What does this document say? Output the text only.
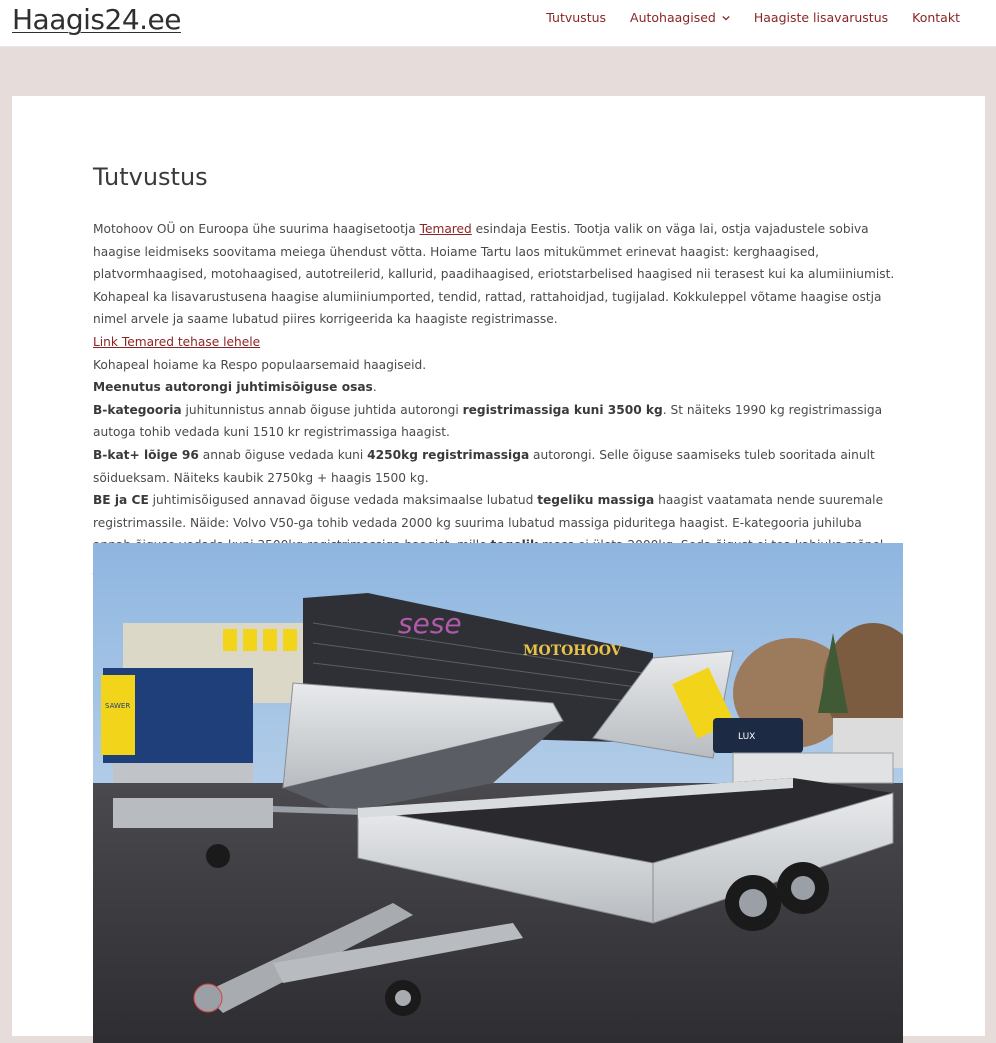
Haagis24.ee	Tutvustus Autohaagised	Haagiste lisavarustus Kontakt
Tutvustus

Motohoov OÜ on Euroopa ühe suurima haagisetootja Temared esindaja Eestis. Tootja valik on väga lai, ostja vajadustele sobiva haagise leidmiseks soovitama meiega ühendust võtta. Hoiame Tartu laos mitukümmet erinevat haagist: kerghaagised, platvormhaagised, motohaagised, autotreilerid, kallurid, paadihaagised, eriotstarbelised haagised nii terasest kui ka alumiiniumist. Kohapeal ka lisavarustusena haagise alumiiniumported, tendid, rattad, rattahoidjad, tugijalad. Kokkuleppel võtame haagise ostja nimel arvele ja saame lubatud piires korrigeerida ka haagiste registrimasse.

Link Temared tehase lehele

Kohapeal hoiame ka Respo populaarsemaid haagiseid.

Meenutus autorongi juhtimisõiguse osas.

B-kategooria juhitunnistus annab õiguse juhtida autorongi registrimassiga kuni 3500 kg. St näiteks 1990 kg registrimassiga autoga tohib vedada kuni 1510 kr registrimassiga haagist.

B-kat+ lõige 96 annab õiguse vedada kuni 4250kg registrimassiga autorongi. Selle õiguse saamiseks tuleb sooritada ainult sõidueksam. Näiteks kaubik 2750kg + haagis 1500 kg.

BE ja CE juhtimisõigused annavad õiguse vedada maksimaalse lubatud tegeliku massiga haagist vaatamata nende suuremale registrimassile. Näide: Volvo V50-ga tohib vedada 2000 kg suurima lubatud massiga piduritega haagist. E-kategooria juhiluba

sese
MOTOHOOV
SAWER
LUX
